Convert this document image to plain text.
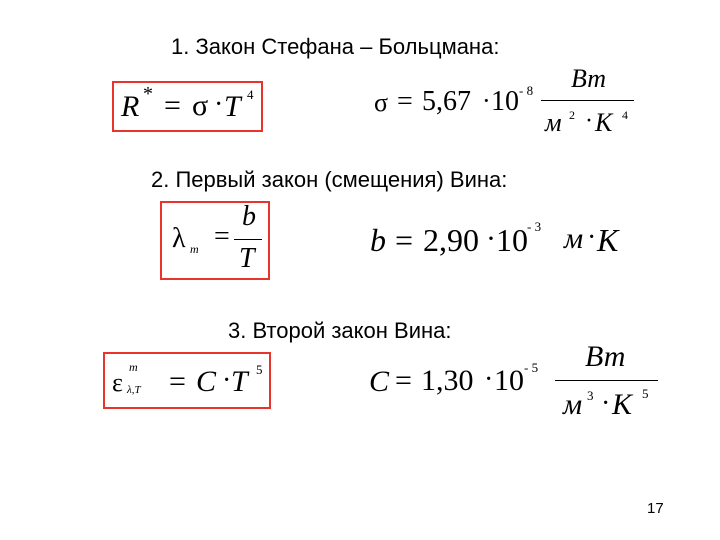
1. Закон Стефана – Больцмана:
R * = σ · T 4	σ = 5,67 · 10 - 8 Вт
м 2 · K 4
2. Первый закон (смещения) Вина:
λ m =
b
T
b = 2,90 · 10 - 3 м · K
3. Второй закон Вина:
ε
m
λ,T = C · T 5	C = 1,30 · 10 - 5 Вт
м 3 · K 5
17
